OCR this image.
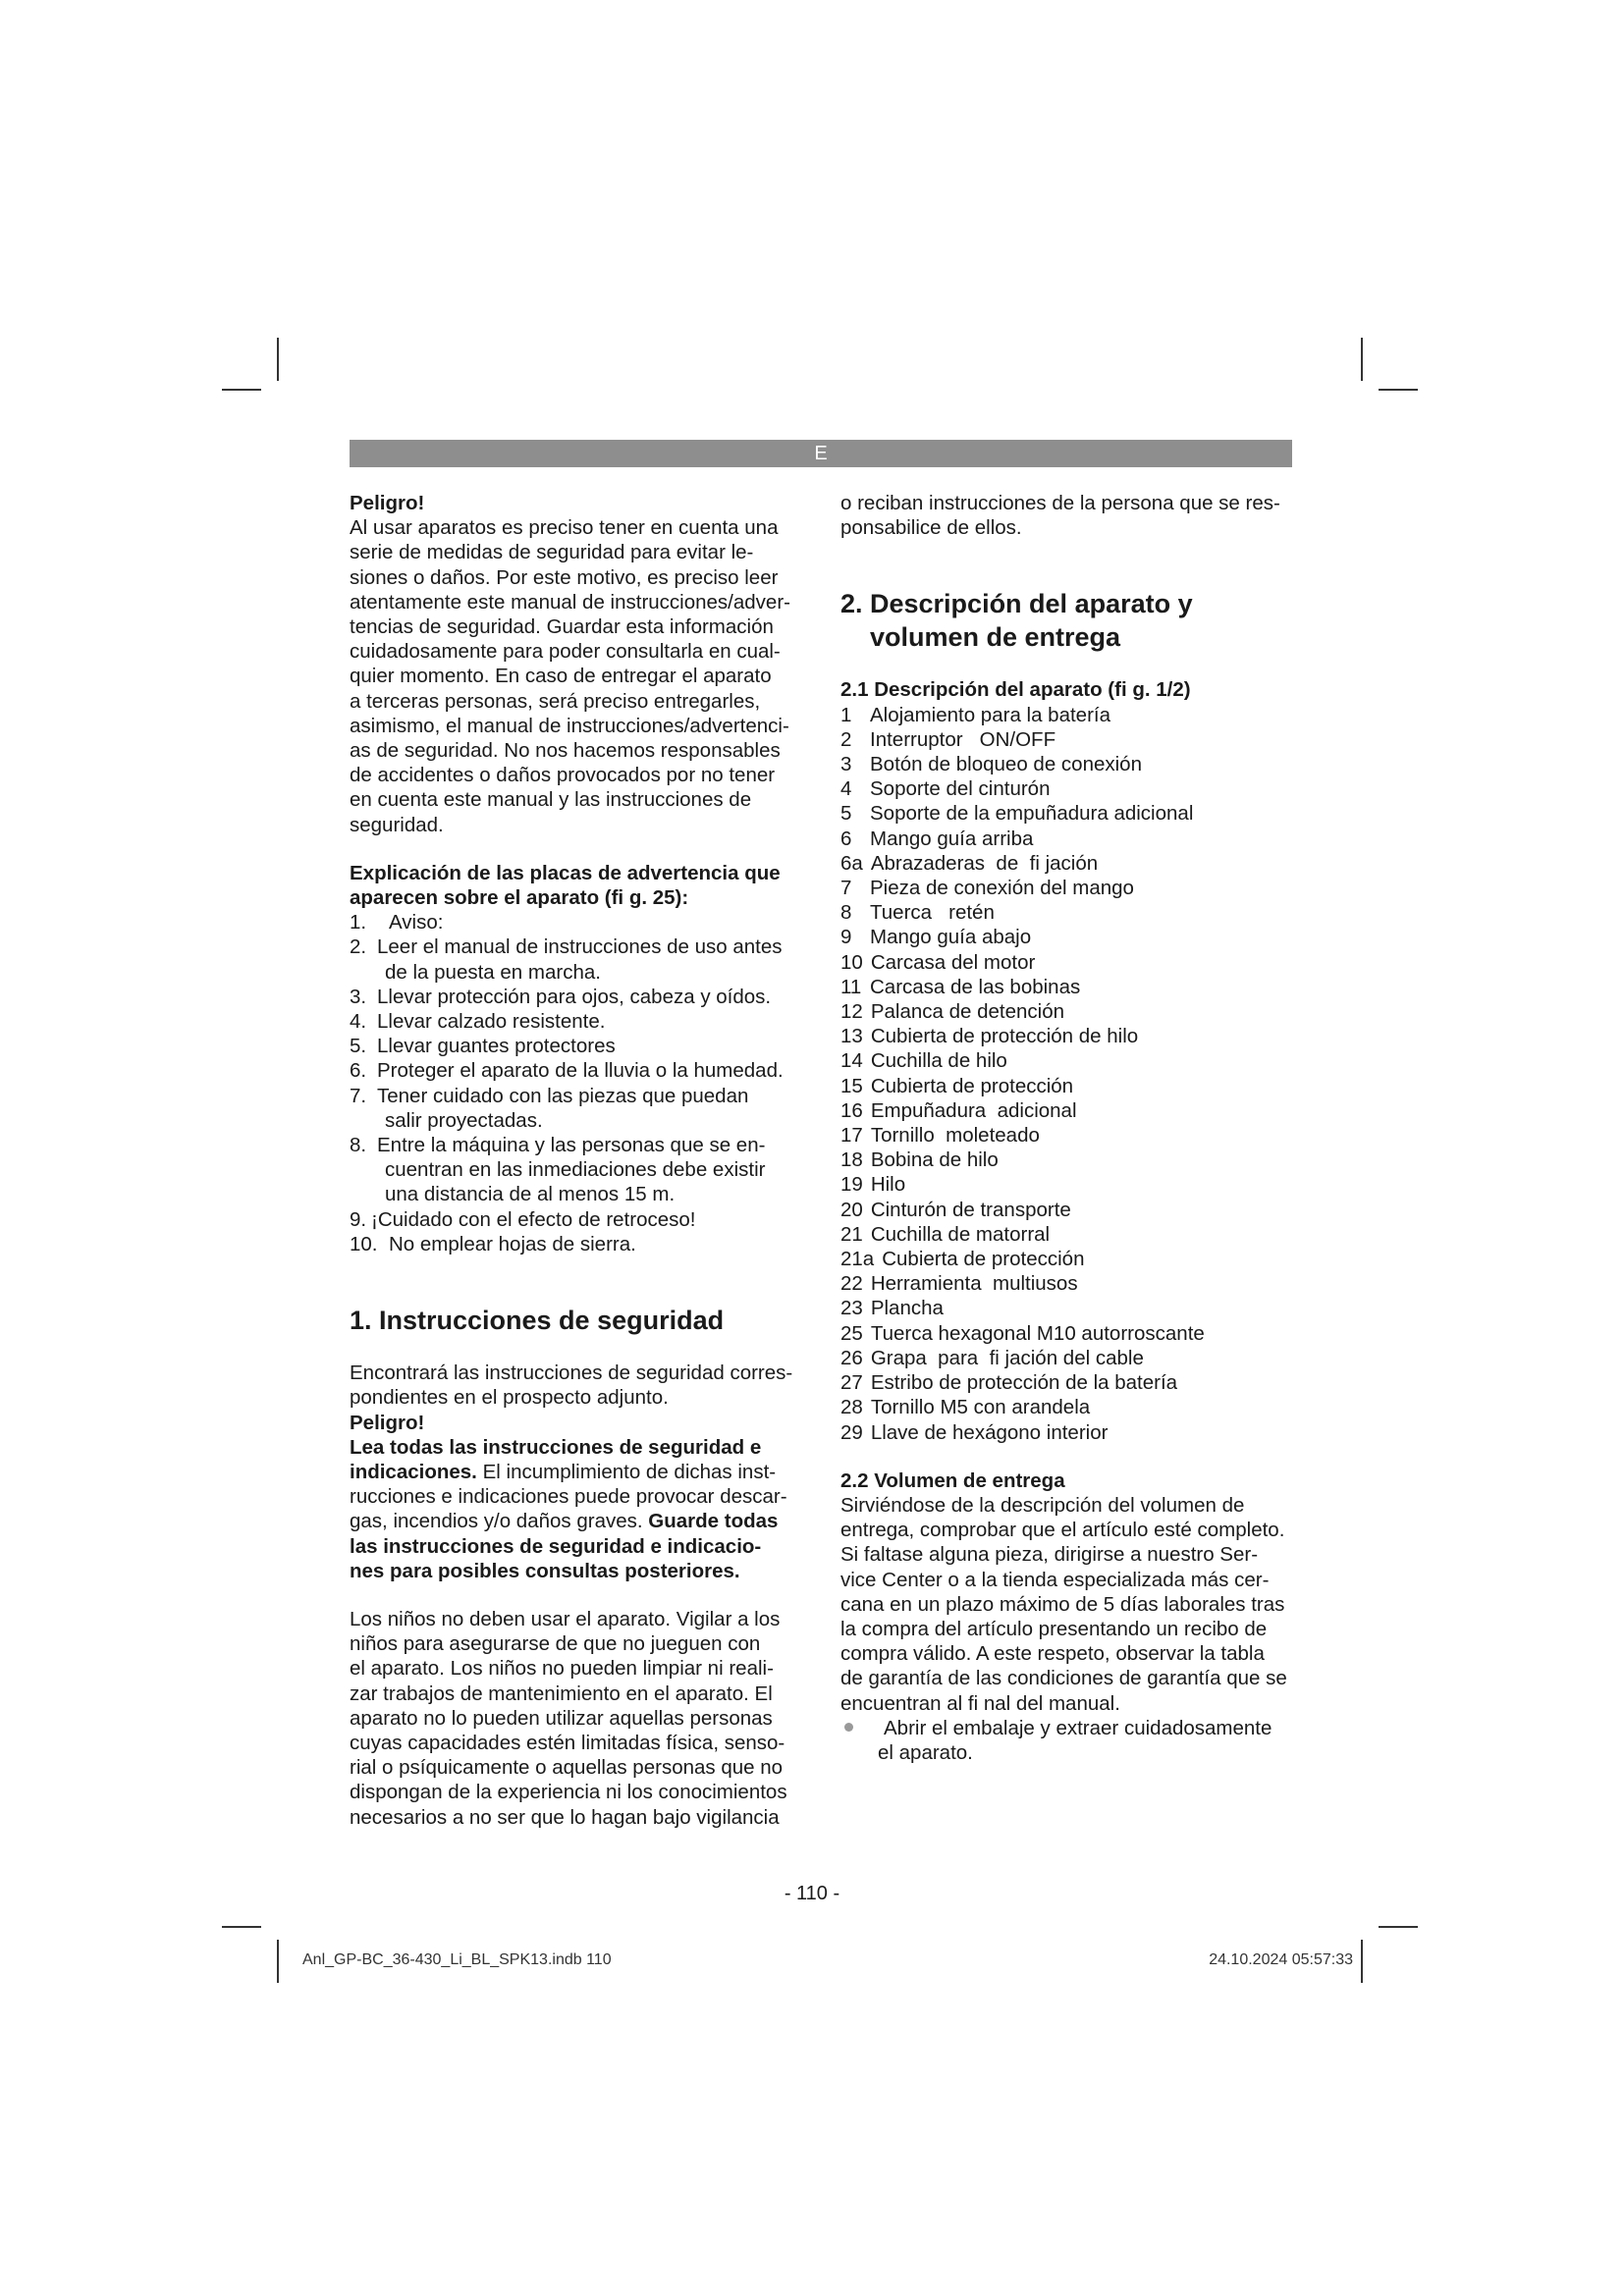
E

Peligro!

Al usar aparatos es preciso tener en cuenta una
serie de medidas de seguridad para evitar le-
siones o daños. Por este motivo, es preciso leer
atentamente este manual de instrucciones/adver-
tencias de seguridad. Guardar esta información
cuidadosamente para poder consultarla en cual-
quier momento. En caso de entregar el aparato
a terceras personas, será preciso entregarles,
asimismo, el manual de instrucciones/advertenci-
as de seguridad. No nos hacemos responsables
de accidentes o daños provocados por no tener
en cuenta este manual y las instrucciones de
seguridad.
Explicación de las placas de advertencia que
aparecen sobre el aparato (fi g. 25):
1. Aviso:
2. Leer el manual de instrucciones de uso antes
de la puesta en marcha.
3. Llevar protección para ojos, cabeza y oídos.
4. Llevar calzado resistente.
5. Llevar guantes protectores
6. Proteger el aparato de la lluvia o la humedad.
7. Tener cuidado con las piezas que puedan
salir proyectadas.
8. Entre la máquina y las personas que se en-
cuentran en las inmediaciones debe existir
una distancia de al menos 15 m.
9. ¡Cuidado con el efecto de retroceso!
10. No emplear hojas de sierra.
1. Instrucciones de seguridad
Encontrará las instrucciones de seguridad corres-
pondientes en el prospecto adjunto.

Peligro!

Lea todas las instrucciones de seguridad e
indicaciones. El incumplimiento de dichas inst-
rucciones e indicaciones puede provocar descar-
gas, incendios y/o daños graves. Guarde todas
las instrucciones de seguridad e indicacio-
nes para posibles consultas posteriores.
Los niños no deben usar el aparato. Vigilar a los
niños para asegurarse de que no jueguen con
el aparato. Los niños no pueden limpiar ni reali-
zar trabajos de mantenimiento en el aparato. El
aparato no lo pueden utilizar aquellas personas
cuyas capacidades estén limitadas física, senso-
rial o psíquicamente o aquellas personas que no
dispongan de la experiencia ni los conocimientos
necesarios a no ser que lo hagan bajo vigilancia
o reciban instrucciones de la persona que se res-
ponsabilice de ellos.
2. Descripción del aparato y
volumen de entrega

2.1 Descripción del aparato (fi g. 1/2)

1 Alojamiento para la batería
2 Interruptor   ON/OFF
3 Botón de bloqueo de conexión
4 Soporte del cinturón
5 Soporte de la empuñadura adicional
6 Mango guía arriba
6a Abrazaderas  de  fi jación
7 Pieza de conexión del mango
8 Tuerca   retén
9 Mango guía abajo
10 Carcasa del motor
11 Carcasa de las bobinas
12 Palanca de detención
13 Cubierta de protección de hilo
14 Cuchilla de hilo
15 Cubierta de protección
16 Empuñadura  adicional
17 Tornillo  moleteado
18 Bobina de hilo
19 Hilo
20 Cinturón de transporte
21 Cuchilla de matorral
21a Cubierta de protección
22 Herramienta  multiusos
23 Plancha
25 Tuerca hexagonal M10 autorroscante
26 Grapa  para  fi jación del cable
27 Estribo de protección de la batería
28 Tornillo M5 con arandela
29 Llave de hexágono interior

2.2 Volumen de entrega

Sirviéndose de la descripción del volumen de
entrega, comprobar que el artículo esté completo.
Si faltase alguna pieza, dirigirse a nuestro Ser-
vice Center o a la tienda especializada más cer-
cana en un plazo máximo de 5 días laborales tras
la compra del artículo presentando un recibo de
compra válido. A este respeto, observar la tabla
de garantía de las condiciones de garantía que se
encuentran al fi nal del manual.
Abrir el embalaje y extraer cuidadosamente
el aparato.
- 110 -
Anl_GP-BC_36-430_Li_BL_SPK13.indb 110	24.10.2024 05:57:33
